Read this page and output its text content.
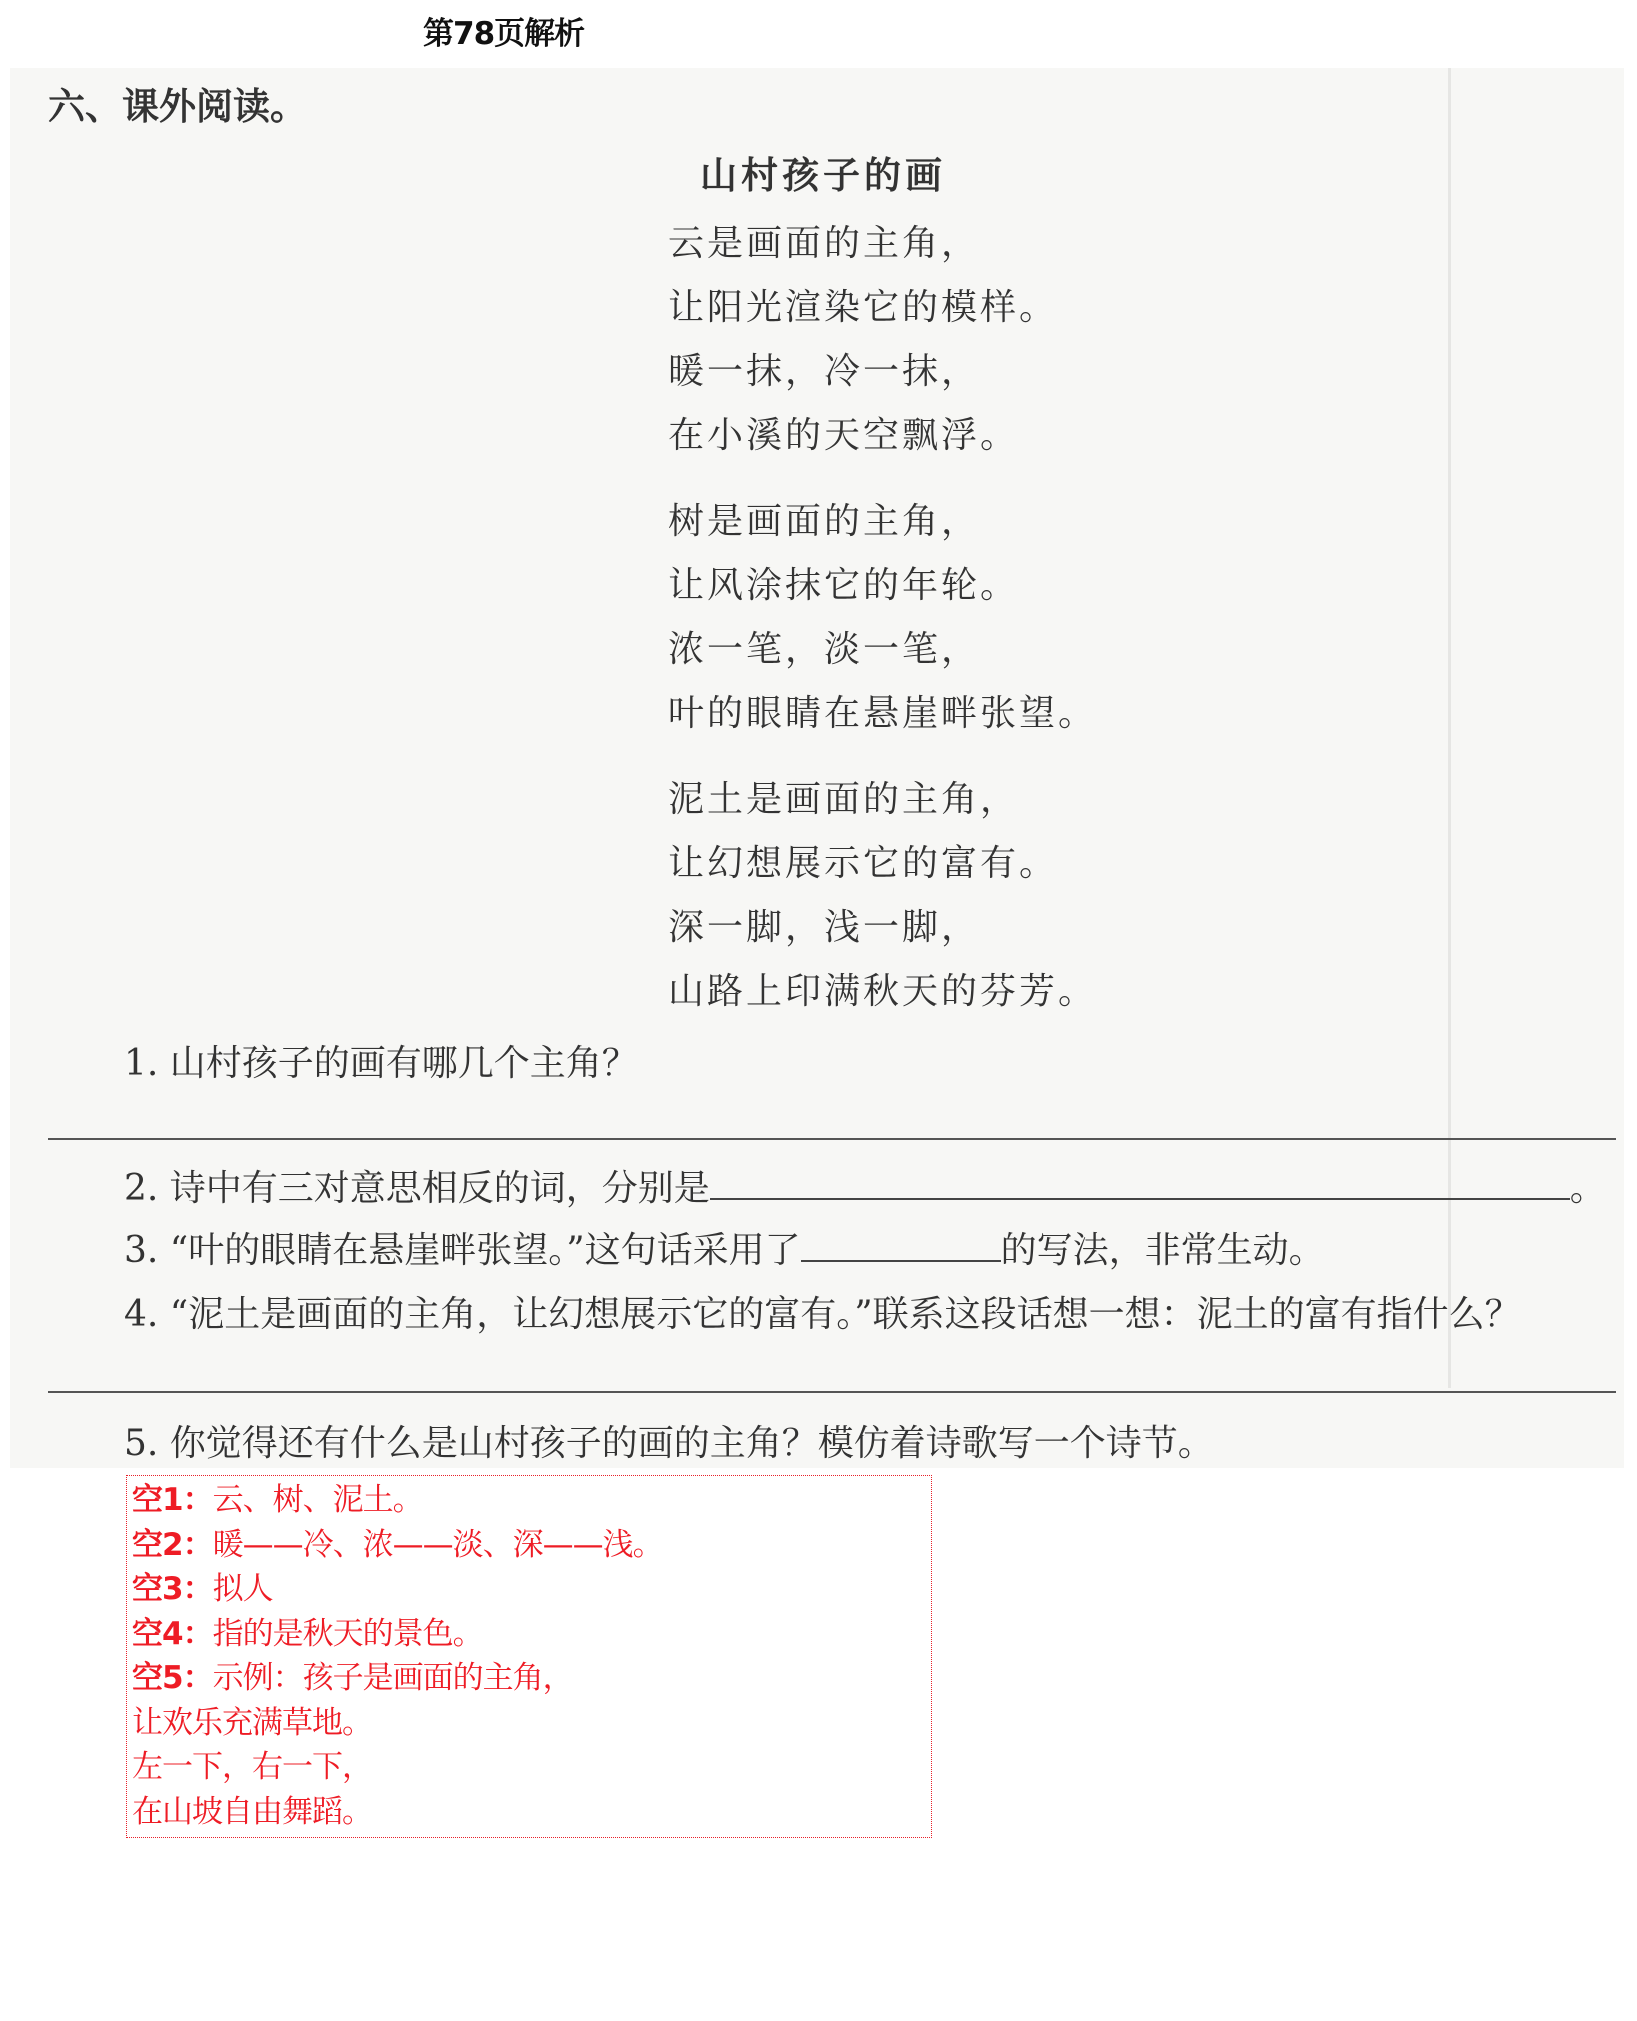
第78页解析
六、课外阅读。
山村孩子的画
云是画面的主角，
让阳光渲染它的模样。
暖一抹，冷一抹，
在小溪的天空飘浮。
树是画面的主角，
让风涂抹它的年轮。
浓一笔，淡一笔，
叶的眼睛在悬崖畔张望。
泥土是画面的主角，
让幻想展示它的富有。
深一脚，浅一脚，
山路上印满秋天的芬芳。
1. 山村孩子的画有哪几个主角？
2. 诗中有三对意思相反的词，分别是	。
3. “叶的眼睛在悬崖畔张望。”这句话采用了	的写法，非常生动。
4. “泥土是画面的主角，让幻想展示它的富有。”联系这段话想一想：泥土的富有指什么？
5. 你觉得还有什么是山村孩子的画的主角？模仿着诗歌写一个诗节。
空1：云、树、泥土。
空2：暖——冷、浓——淡、深——浅。
空3：拟人
空4：指的是秋天的景色。
空5：示例：孩子是画面的主角，
让欢乐充满草地。
左一下，右一下，
在山坡自由舞蹈。
